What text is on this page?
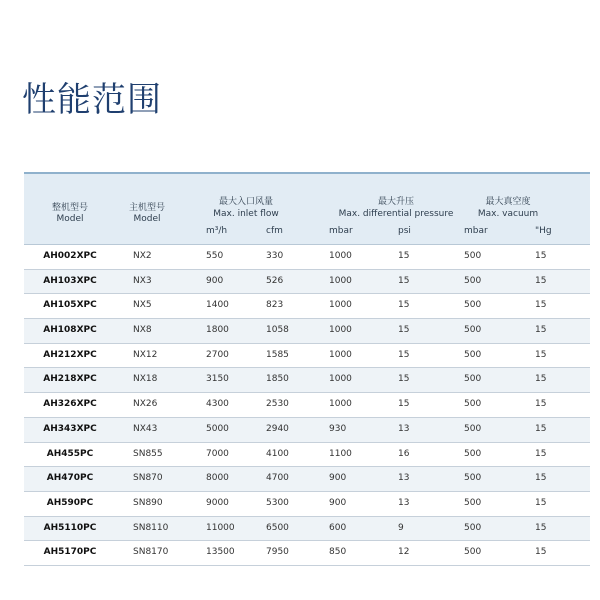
性能范围
整机型号
Model
主机型号
Model
最大入口风量
Max. inlet flow
m³/h	cfm
最大升压
Max. differential pressure
mbar	psi
最大真空度
Max. vacuum
mbar	"Hg
AH002XPC	NX2	550	330	1000	15	500	15
AH103XPC	NX3	900	526	1000	15	500	15
AH105XPC	NX5	1400	823	1000	15	500	15
AH108XPC	NX8	1800	1058	1000	15	500	15
AH212XPC	NX12	2700	1585	1000	15	500	15
AH218XPC	NX18	3150	1850	1000	15	500	15
AH326XPC	NX26	4300	2530	1000	15	500	15
AH343XPC	NX43	5000	2940	930	13	500	15
AH455PC	SN855	7000	4100	1100	16	500	15
AH470PC	SN870	8000	4700	900	13	500	15
AH590PC	SN890	9000	5300	900	13	500	15
AH5110PC	SN8110	11000	6500	600	9	500	15
AH5170PC	SN8170	13500	7950	850	12	500	15
